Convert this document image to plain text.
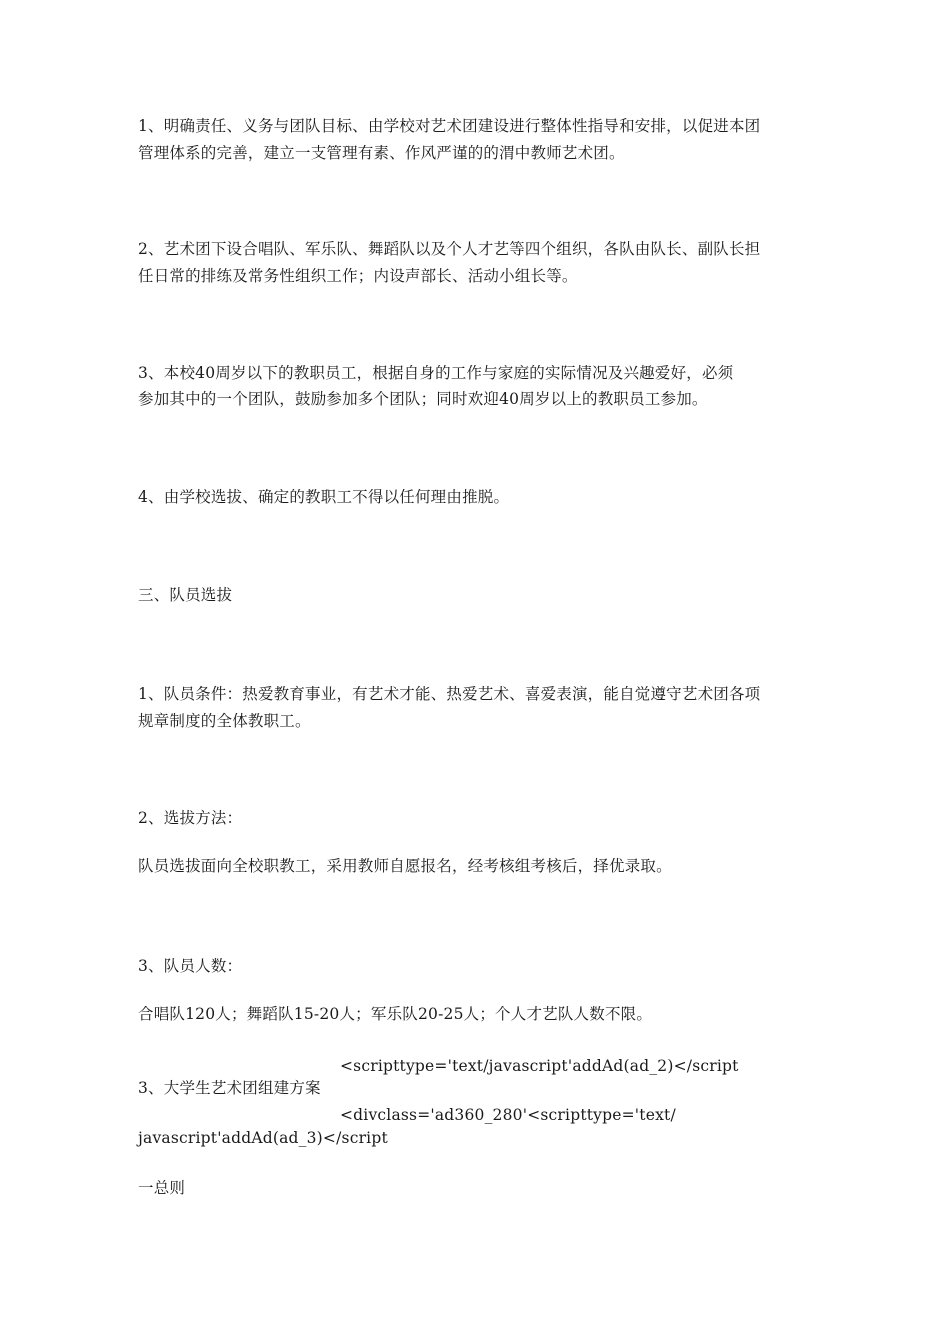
1、明确责任、义务与团队目标、由学校对艺术团建设进行整体性指导和安排，以促进本团
管理体系的完善，建立一支管理有素、作风严谨的的渭中教师艺术团。
2、艺术团下设合唱队、军乐队、舞蹈队以及个人才艺等四个组织，各队由队长、副队长担
任日常的排练及常务性组织工作；内设声部长、活动小组长等。
3、本校40周岁以下的教职员工，根据自身的工作与家庭的实际情况及兴趣爱好，必须
参加其中的一个团队，鼓励参加多个团队；同时欢迎40周岁以上的教职员工参加。
4、由学校选拔、确定的教职工不得以任何理由推脱。
三、队员选拔
1、队员条件：热爱教育事业，有艺术才能、热爱艺术、喜爱表演，能自觉遵守艺术团各项
规章制度的全体教职工。
2、选拔方法：
队员选拔面向全校职教工，采用教师自愿报名，经考核组考核后，择优录取。
3、队员人数：
合唱队120人；舞蹈队15-20人；军乐队20-25人；个人才艺队人数不限。
<scripttype='text/javascript'addAd(ad_2)</script
3、大学生艺术团组建方案
<divclass='ad360_280'<scripttype='text/
javascript'addAd(ad_3)</script
一总则
